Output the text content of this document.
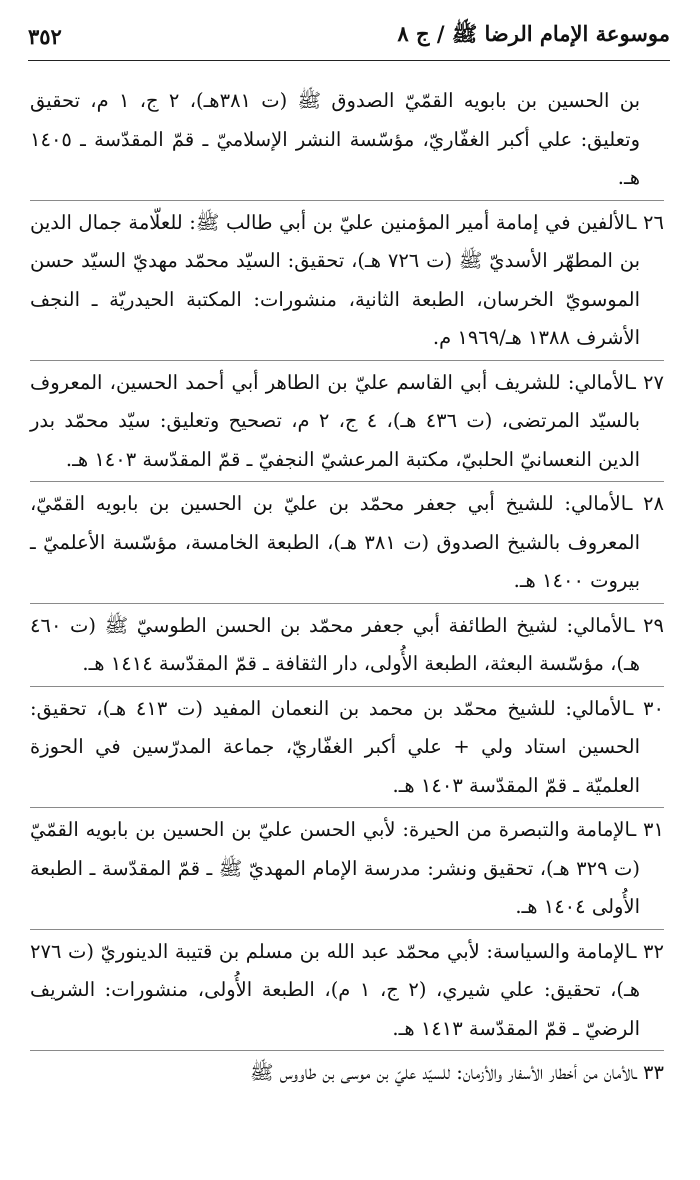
موسوعة الإمام الرضا ﷺ / ج ٨
٣٥٢

بن الحسين بن بابويه القمّيّ الصدوق ﷺ (ت ٣٨١هـ)، ٢ ج، ١ م، تحقيق وتعليق: علي أكبر الغفّاريّ، مؤسّسة النشر الإسلاميّ ـ قمّ المقدّسة ـ ١٤٠٥ هـ.

٢٦ ـالألفين في إمامة أمير المؤمنين عليّ بن أبي طالب ﷺ: للعلّامة جمال الدين بن المطهّر الأسديّ ﷺ (ت ٧٢٦ هـ)، تحقيق: السيّد محمّد مهديّ السيّد حسن الموسويّ الخرسان، الطبعة الثانية، منشورات: المكتبة الحيدريّة ـ النجف الأشرف ١٣٨٨ هـ/١٩٦٩ م.

٢٧ ـالأمالي: للشريف أبي القاسم عليّ بن الطاهر أبي أحمد الحسين، المعروف بالسيّد المرتضى، (ت ٤٣٦ هـ)، ٤ ج، ٢ م، تصحيح وتعليق: سيّد محمّد بدر الدين النعسانيّ الحلبيّ، مكتبة المرعشيّ النجفيّ ـ قمّ المقدّسة ١٤٠٣ هـ.

٢٨ ـالأمالي: للشيخ أبي جعفر محمّد بن عليّ بن الحسين بن بابويه القمّيّ، المعروف بالشيخ الصدوق (ت ٣٨١ هـ)، الطبعة الخامسة، مؤسّسة الأعلميّ ـ بيروت ١٤٠٠ هـ.

٢٩ ـالأمالي: لشيخ الطائفة أبي جعفر محمّد بن الحسن الطوسيّ ﷺ (ت ٤٦٠ هـ)، مؤسّسة البعثة، الطبعة الأُولى، دار الثقافة ـ قمّ المقدّسة ١٤١٤ هـ.

٣٠ ـالأمالي: للشيخ محمّد بن محمد بن النعمان المفيد (ت ٤١٣ هـ)، تحقيق: الحسين استاد ولي + علي أكبر الغفّاريّ، جماعة المدرّسين في الحوزة العلميّة ـ قمّ المقدّسة ١٤٠٣ هـ.

٣١ ـالإمامة والتبصرة من الحيرة: لأبي الحسن عليّ بن الحسين بن بابويه القمّيّ (ت ٣٢٩ هـ)، تحقيق ونشر: مدرسة الإمام المهديّ ﷺ ـ قمّ المقدّسة ـ الطبعة الأُولى ١٤٠٤ هـ.

٣٢ ـالإمامة والسياسة: لأبي محمّد عبد الله بن مسلم بن قتيبة الدينوريّ (ت ٢٧٦ هـ)، تحقيق: علي شيري، (٢ ج، ١ م)، الطبعة الأُولى، منشورات: الشريف الرضيّ ـ قمّ المقدّسة ١٤١٣ هـ.

٣٣ ـالأمان من أخطار الأسفار والأزمان: للسيّد عليّ بن موسى بن طاووس ﷺ
